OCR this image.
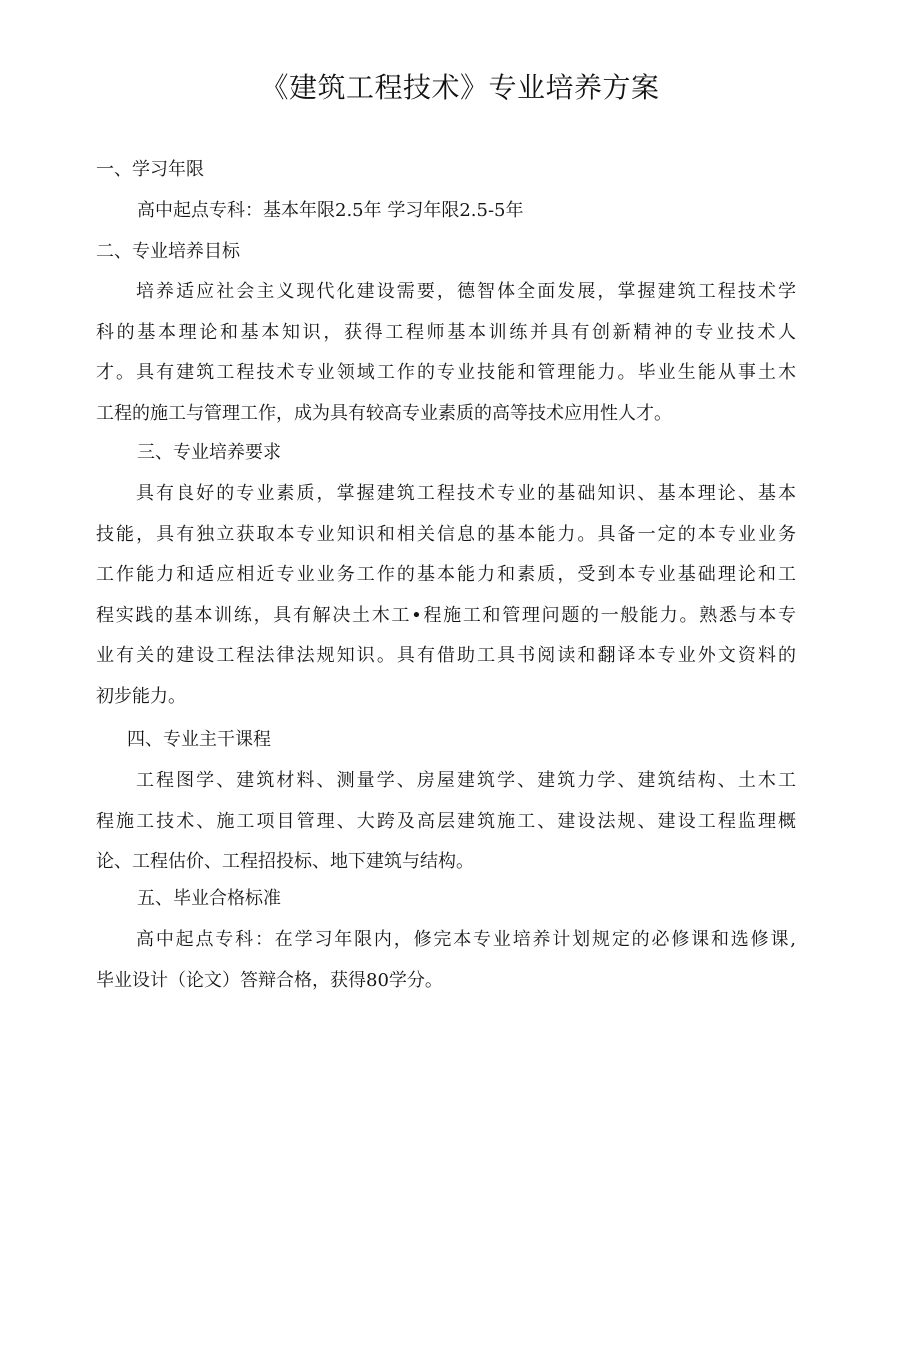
《建筑工程技术》专业培养方案
一、学习年限
高中起点专科：基本年限2.5年 学习年限2.5-5年
二、专业培养目标
培养适应社会主义现代化建设需要，德智体全面发展，掌握建筑工程技术学
科的基本理论和基本知识，获得工程师基本训练并具有创新精神的专业技术人
才。具有建筑工程技术专业领域工作的专业技能和管理能力。毕业生能从事土木
工程的施工与管理工作，成为具有较高专业素质的高等技术应用性人才。
三、专业培养要求
具有良好的专业素质，掌握建筑工程技术专业的基础知识、基本理论、基本
技能，具有独立获取本专业知识和相关信息的基本能力。具备一定的本专业业务
工作能力和适应相近专业业务工作的基本能力和素质，受到本专业基础理论和工
程实践的基本训练，具有解决土木工•程施工和管理问题的一般能力。熟悉与本专
业有关的建设工程法律法规知识。具有借助工具书阅读和翻译本专业外文资料的
初步能力。
四、专业主干课程
工程图学、建筑材料、测量学、房屋建筑学、建筑力学、建筑结构、土木工
程施工技术、施工项目管理、大跨及高层建筑施工、建设法规、建设工程监理概
论、工程估价、工程招投标、地下建筑与结构。
五、毕业合格标准
高中起点专科：在学习年限内，修完本专业培养计划规定的必修课和选修课,
毕业设计（论文）答辩合格，获得80学分。
